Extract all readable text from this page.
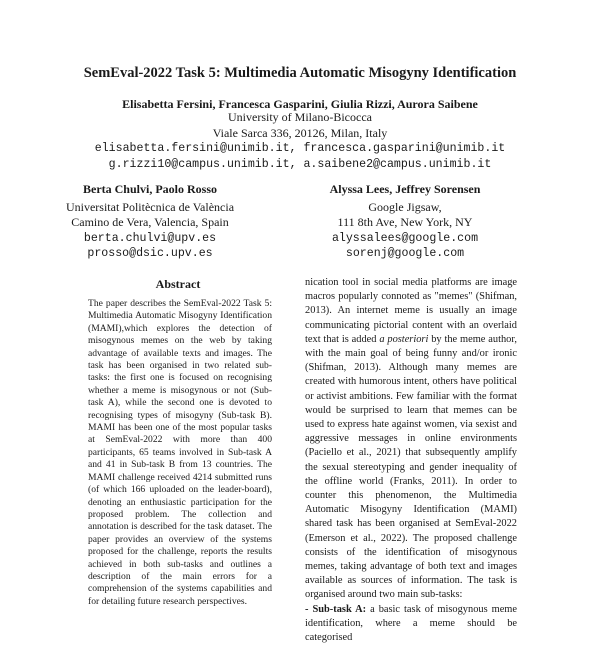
SemEval-2022 Task 5: Multimedia Automatic Misogyny Identification
Elisabetta Fersini, Francesca Gasparini, Giulia Rizzi, Aurora Saibene
University of Milano-Bicocca
Viale Sarca 336, 20126, Milan, Italy
elisabetta.fersini@unimib.it, francesca.gasparini@unimib.it
g.rizzi10@campus.unimib.it, a.saibene2@campus.unimib.it
Berta Chulvi, Paolo Rosso
Universitat Politècnica de València
Camino de Vera, Valencia, Spain
berta.chulvi@upv.es
prosso@dsic.upv.es
Alyssa Lees, Jeffrey Sorensen
Google Jigsaw,
111 8th Ave, New York, NY
alyssalees@google.com
sorenj@google.com
Abstract
The paper describes the SemEval-2022 Task 5: Multimedia Automatic Misogyny Identification (MAMI),which explores the detection of misogynous memes on the web by taking advantage of available texts and images. The task has been organised in two related sub-tasks: the first one is focused on recognising whether a meme is misogynous or not (Sub-task A), while the second one is devoted to recognising types of misogyny (Sub-task B). MAMI has been one of the most popular tasks at SemEval-2022 with more than 400 participants, 65 teams involved in Sub-task A and 41 in Sub-task B from 13 countries. The MAMI challenge received 4214 submitted runs (of which 166 uploaded on the leader-board), denoting an enthusiastic participation for the proposed problem. The collection and annotation is described for the task dataset. The paper provides an overview of the systems proposed for the challenge, reports the results achieved in both sub-tasks and outlines a description of the main errors for a comprehension of the systems capabilities and for detailing future research perspectives.
nication tool in social media platforms are image macros popularly connoted as "memes" (Shifman, 2013). An internet meme is usually an image communicating pictorial content with an overlaid text that is added a posteriori by the meme author, with the main goal of being funny and/or ironic (Shifman, 2013). Although many memes are created with humorous intent, others have political or activist ambitions. Few familiar with the format would be surprised to learn that memes can be used to express hate against women, via sexist and aggressive messages in online environments (Paciello et al., 2021) that subsequently amplify the sexual stereotyping and gender inequality of the offline world (Franks, 2011). In order to counter this phenomenon, the Multimedia Automatic Misogyny Identification (MAMI) shared task has been organised at SemEval-2022 (Emerson et al., 2022). The proposed challenge consists of the identification of misogynous memes, taking advantage of both text and images available as sources of information. The task is organised around two main sub-tasks:
- Sub-task A: a basic task of misogynous meme identification, where a meme should be categorised
